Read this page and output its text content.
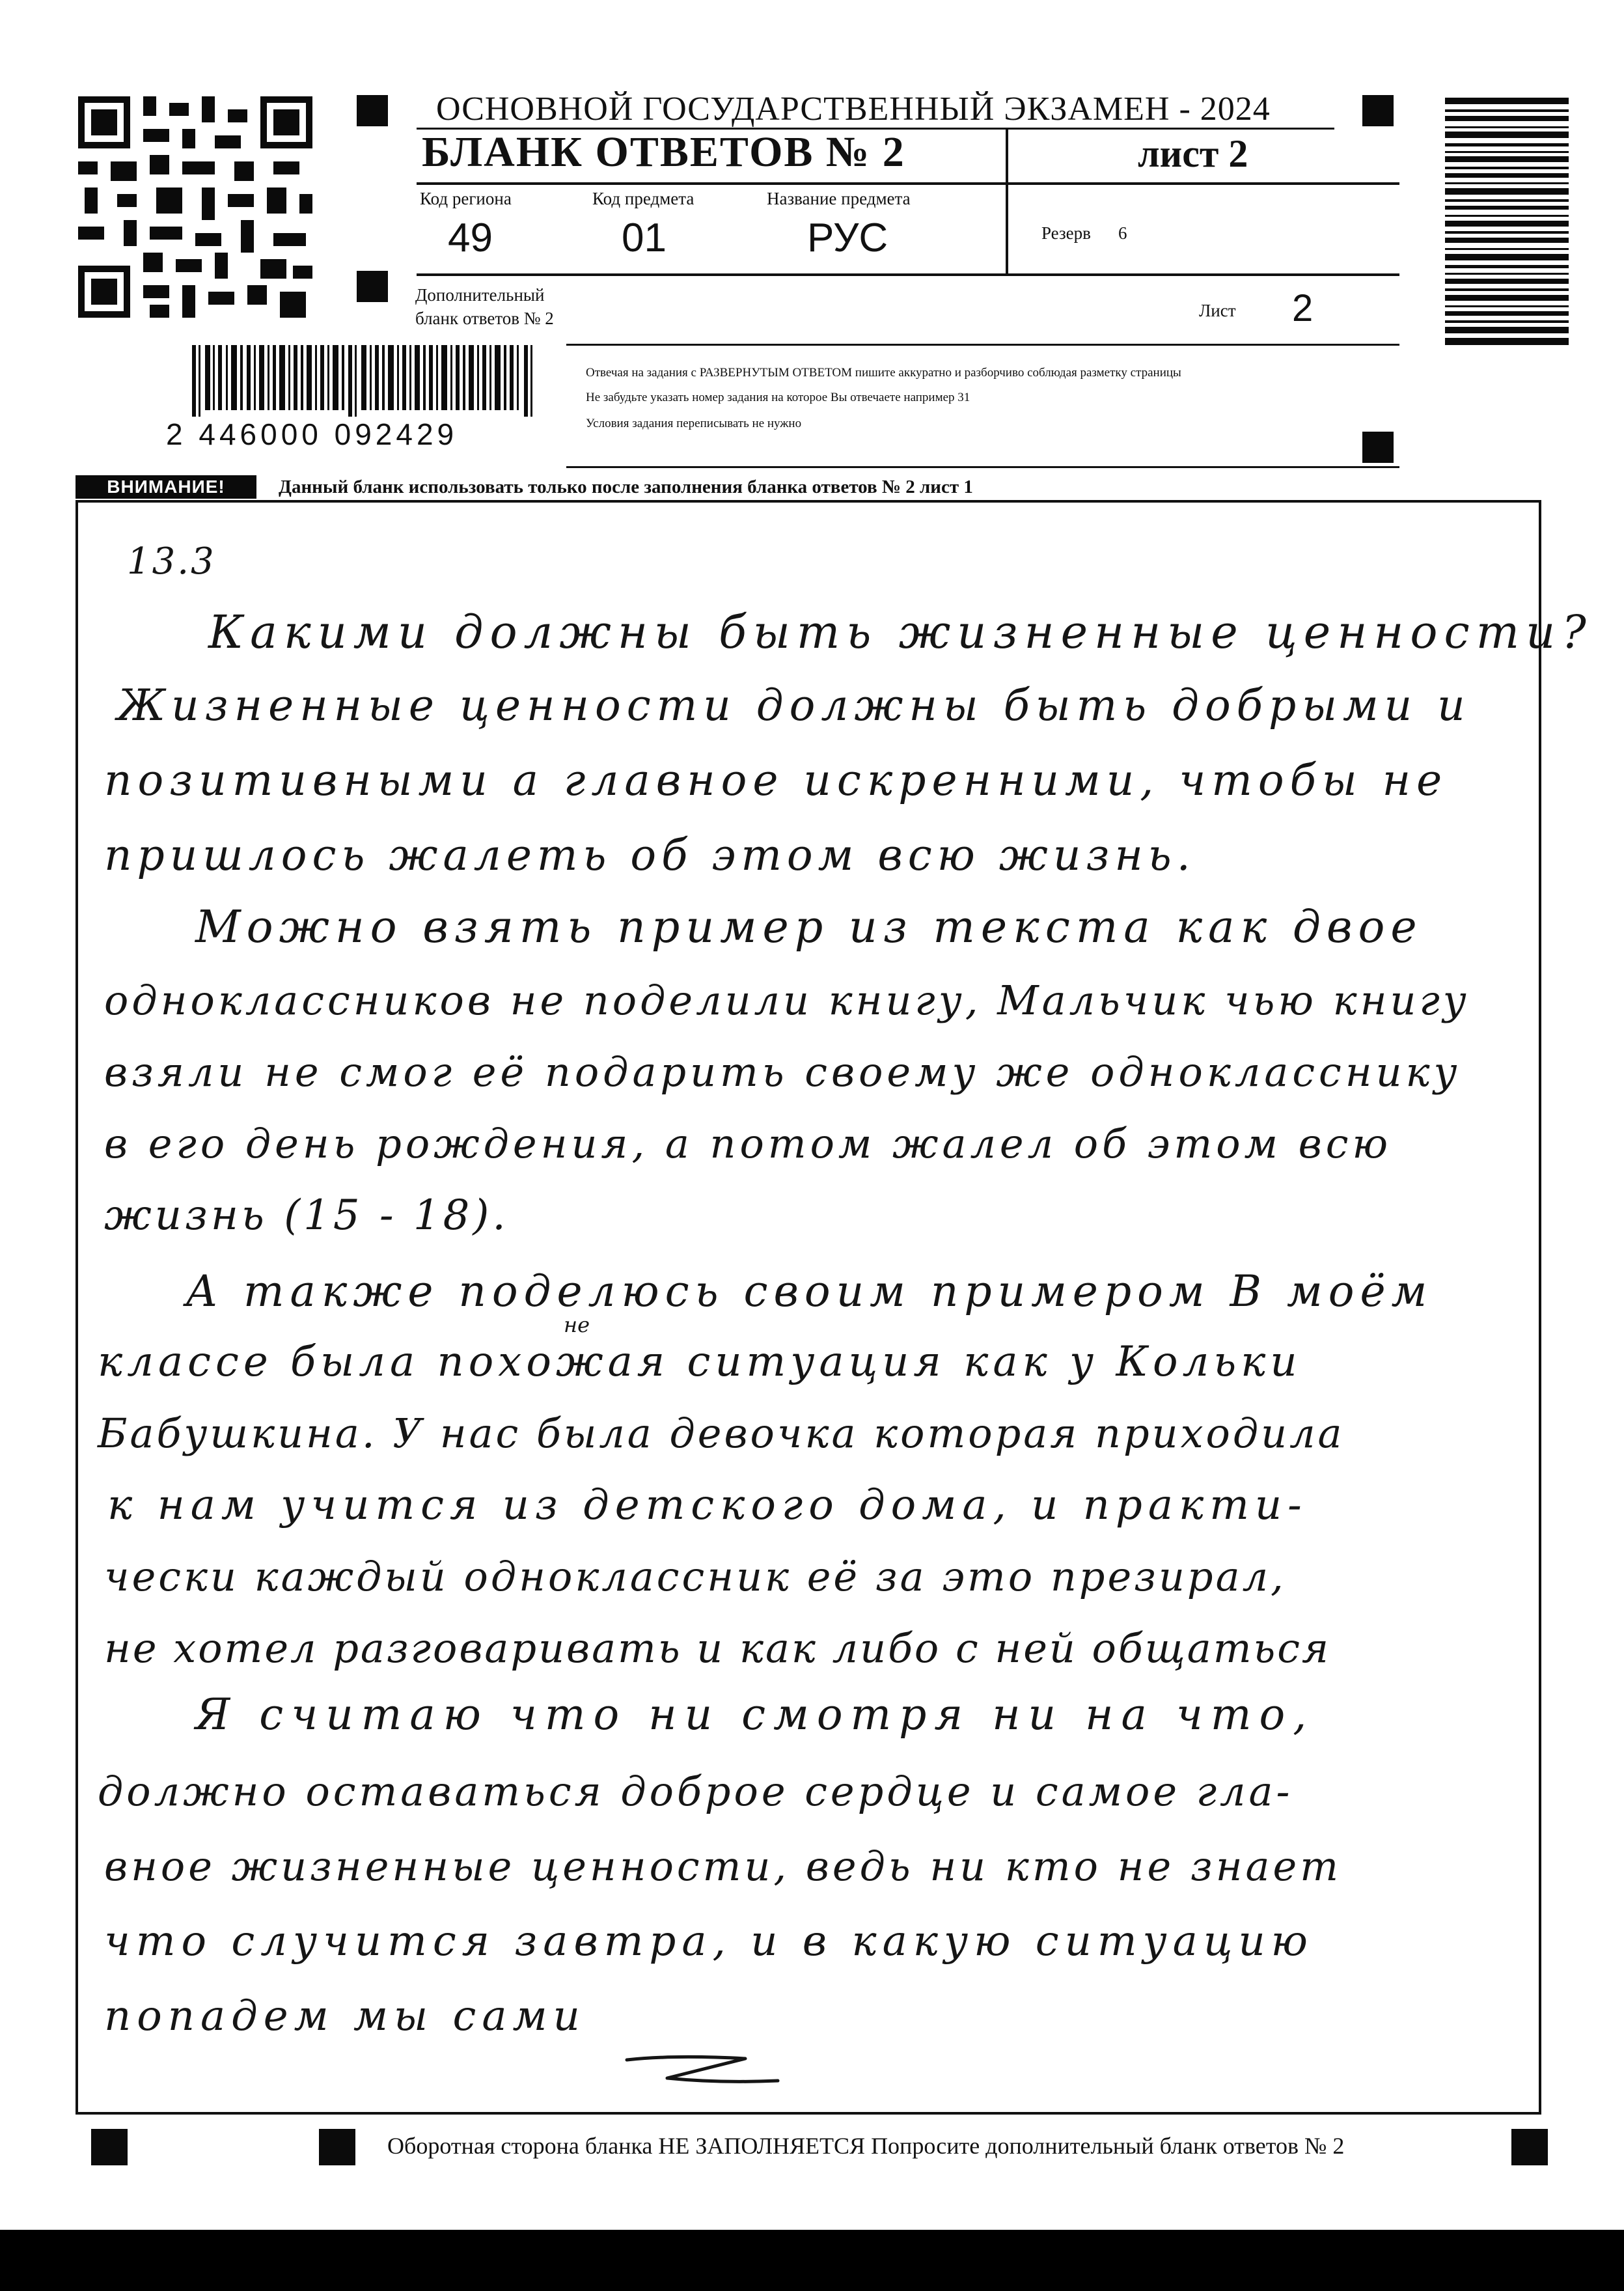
2 446000 092429
ОСНОВНОЙ ГОСУДАРСТВЕННЫЙ ЭКЗАМЕН - 2024
БЛАНК ОТВЕТОВ № 2	лист 2
Код региона	Код предмета	Название предмета
49	01	РУС	Резерв 6
Дополнительный
бланк ответов № 2	Лист 2
Отвечая на задания с РАЗВЕРНУТЫМ ОТВЕТОМ пишите аккуратно и разборчиво соблюдая разметку страницы
Не забудьте указать номер задания на которое Вы отвечаете например 31
Условия задания переписывать не нужно
ВНИМАНИЕ!	Данный бланк использовать только после заполнения бланка ответов № 2 лист 1
13.3
Какими должны быть жизненные ценности?
Жизненные ценности должны быть добрыми и
позитивными а главное искренними, чтобы не
пришлось жалеть об этом всю жизнь.
Можно взять пример из текста как двое
одноклассников не поделили книгу, Мальчик чью книгу
взяли не смог её подарить своему же однокласснику
в его день рождения, а потом жалел об этом всю
жизнь (15 - 18).
А также поделюсь своим примером В моём
не
классе была похожая ситуация как у Кольки
Бабушкина. У нас была девочка которая приходила
к нам учится из детского дома, и практи-
чески каждый одноклассник её за это презирал,
не хотел разговаривать и как либо с ней общаться
Я считаю что ни смотря ни на что,
должно оставаться доброе сердце и самое гла-
вное жизненные ценности, ведь ни кто не знает
что случится завтра, и в какую ситуацию
попадем мы сами
Оборотная сторона бланка НЕ ЗАПОЛНЯЕТСЯ Попросите дополнительный бланк ответов № 2
